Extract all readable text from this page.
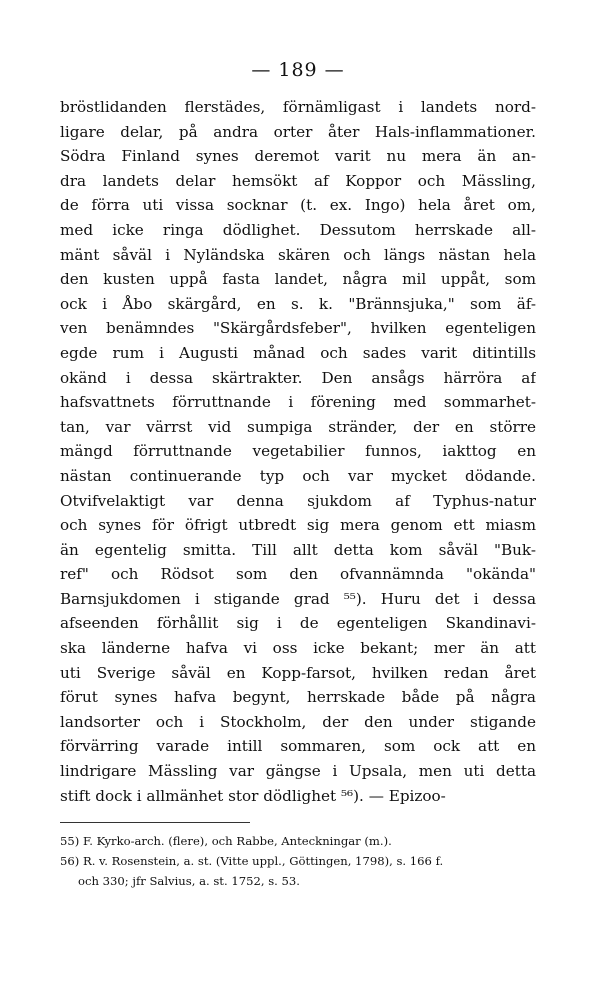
— 189 —
bröstlidanden flerstädes, förnämligast i landets nord-
ligare delar, på andra orter åter Hals-inflammationer.
Södra Finland synes deremot varit nu mera än an-
dra landets delar hemsökt af Koppor och Mässling,
de förra uti vissa socknar (t. ex. Ingo) hela året om,
med icke ringa dödlighet. Dessutom herrskade all-
mänt såväl i Nyländska skären och längs nästan hela
den kusten uppå fasta landet, några mil uppåt, som
ock i Åbo skärgård, en s. k. "Brännsjuka," som äf-
ven benämndes "Skärgårdsfeber", hvilken egenteligen
egde rum i Augusti månad och sades varit ditintills
okänd i dessa skärtrakter. Den ansågs härröra af
hafsvattnets förruttnande i förening med sommarhet-
tan, var värrst vid sumpiga stränder, der en större
mängd förruttnande vegetabilier funnos, iakttog en
nästan continuerande typ och var mycket dödande.
Otvifvelaktigt var denna sjukdom af Typhus-natur
och synes för öfrigt utbredt sig mera genom ett miasm
än egentelig smitta. Till allt detta kom såväl "Buk-
ref" och Rödsot som den ofvannämnda "okända"
Barnsjukdomen i stigande grad ⁵⁵). Huru det i dessa
afseenden förhållit sig i de egenteligen Skandinavi-
ska länderne hafva vi oss icke bekant; mer än att
uti Sverige såväl en Kopp-farsot, hvilken redan året
förut synes hafva begynt, herrskade både på några
landsorter och i Stockholm, der den under stigande
förvärring varade intill sommaren, som ock att en
lindrigare Mässling var gängse i Upsala, men uti detta
stift dock i allmänhet stor dödlighet ⁵⁶). — Epizoo-
55) F. Kyrko-arch. (flere), och Rabbe, Anteckningar (m.).
56) R. v. Rosenstein, a. st. (Vitte uppl., Göttingen, 1798), s. 166 f.
och 330; jfr Salvius, a. st. 1752, s. 53.
